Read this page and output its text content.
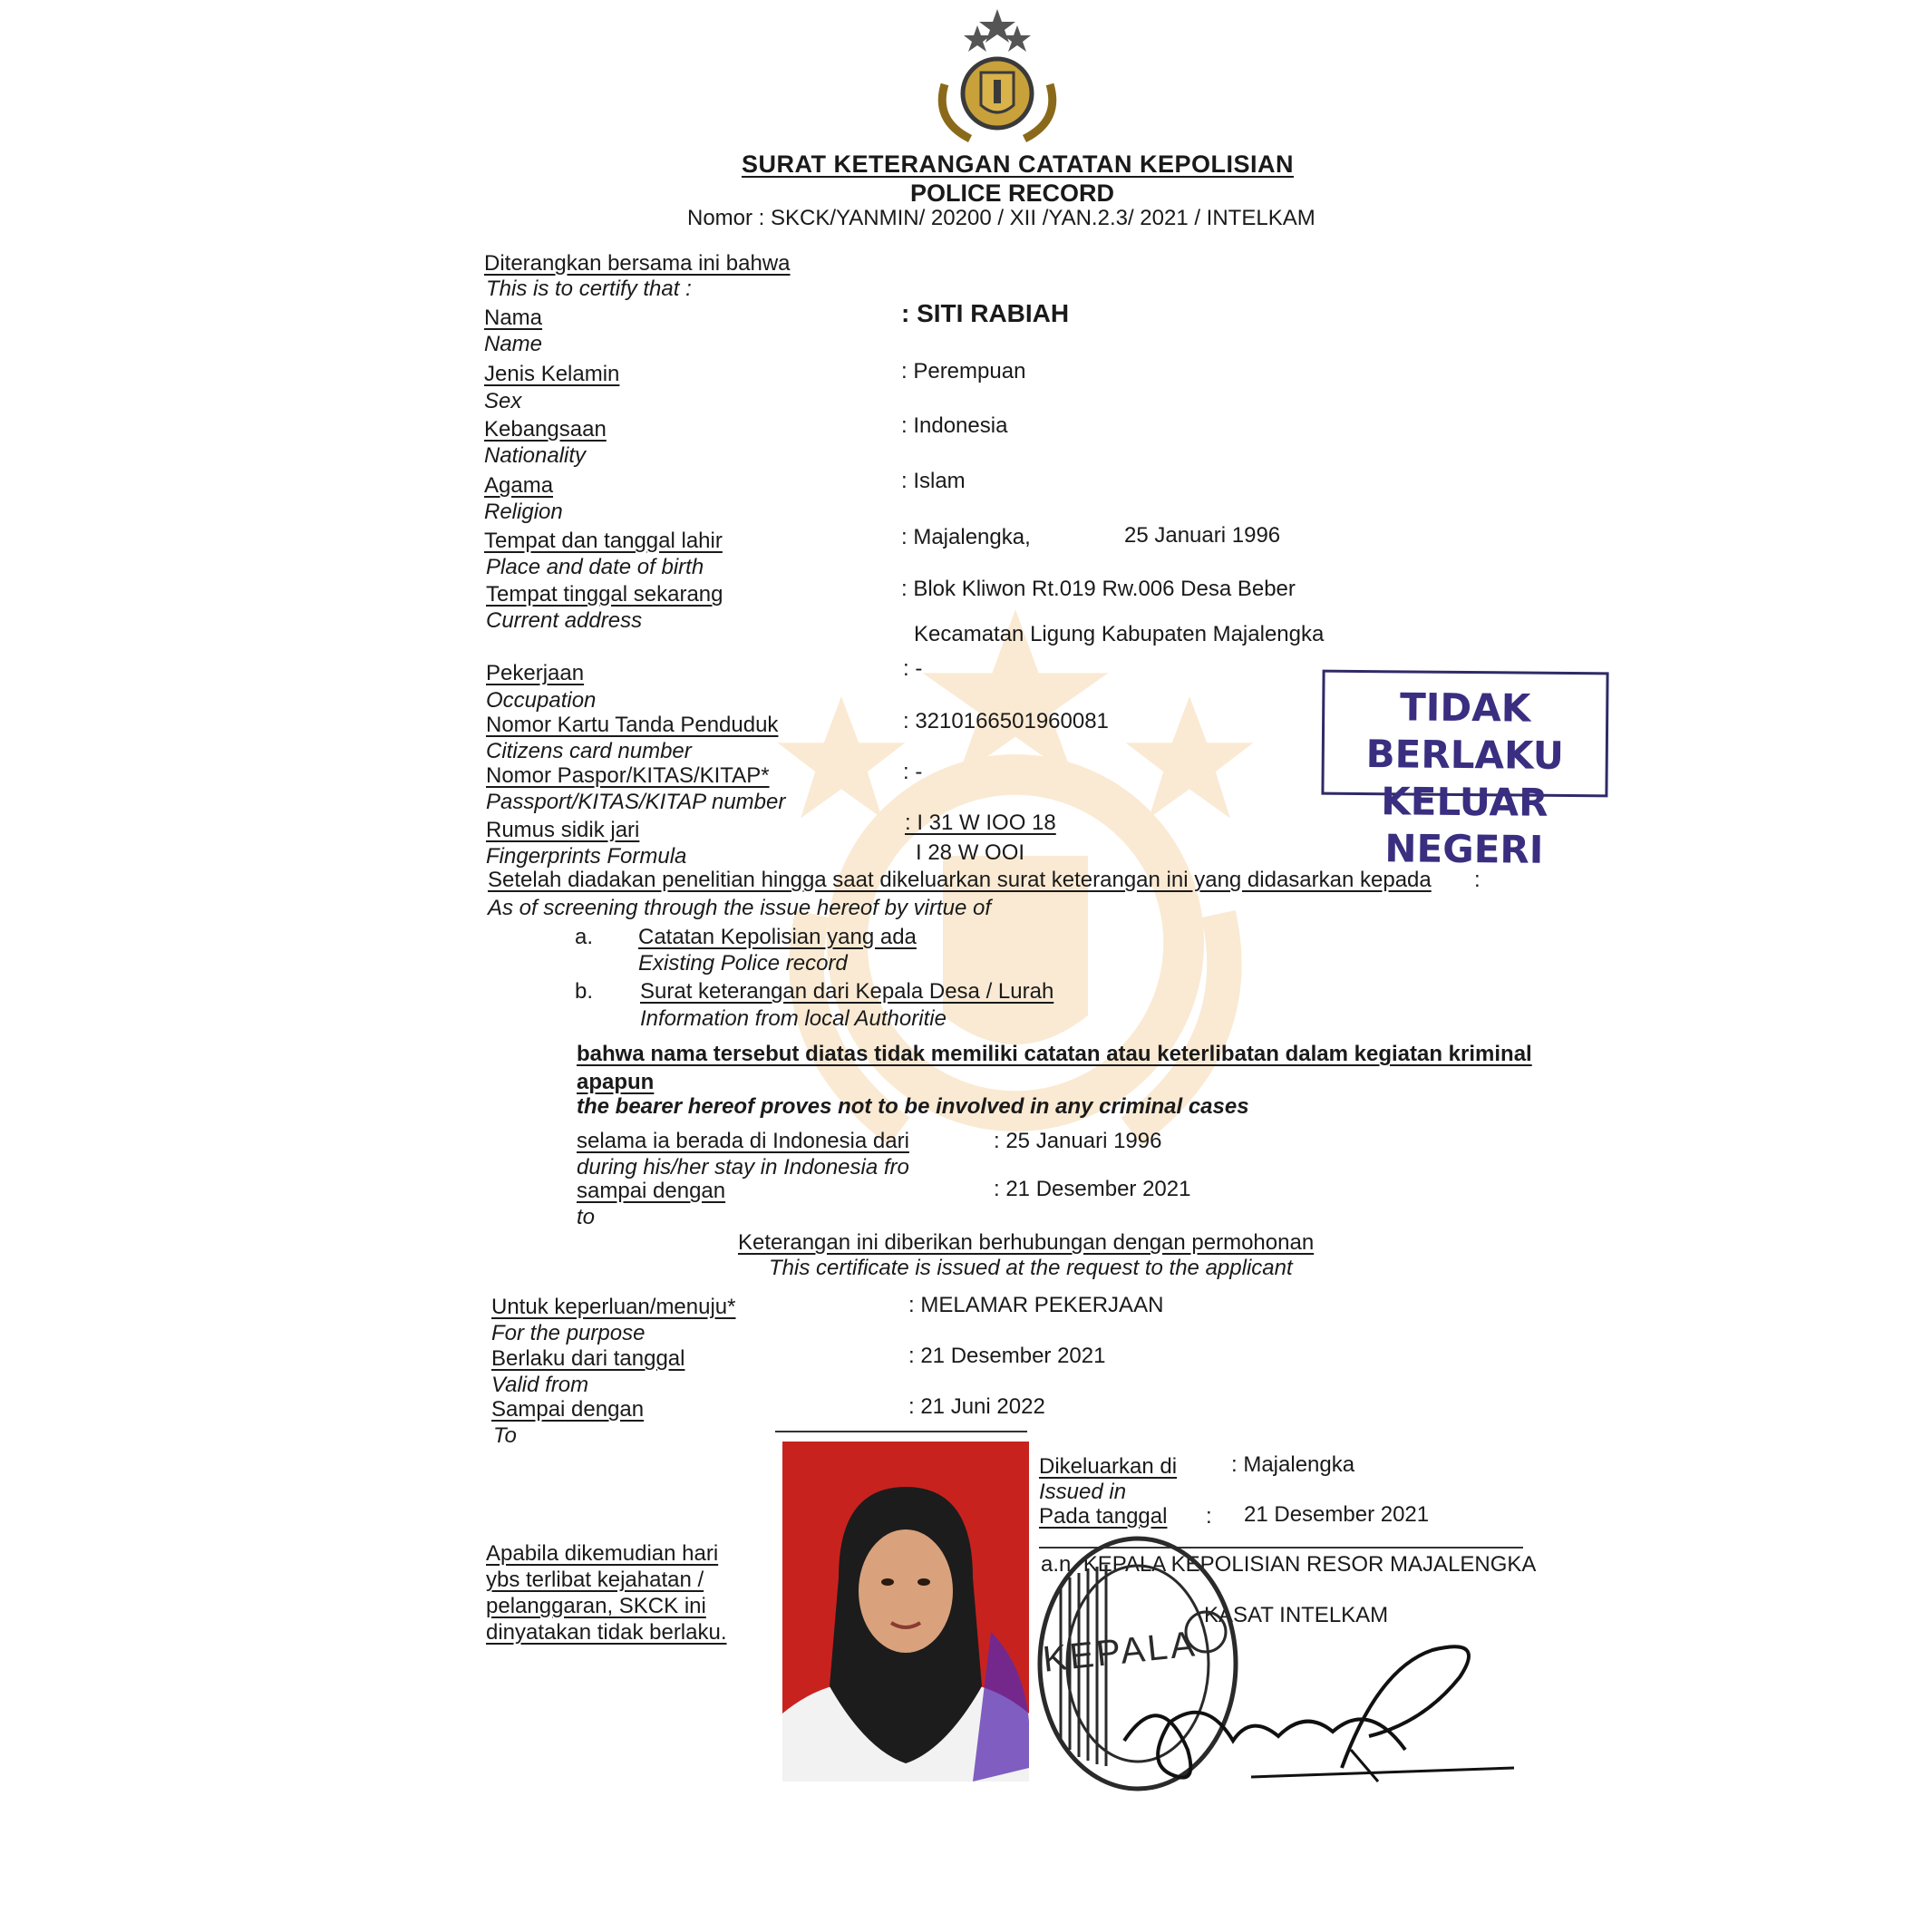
SURAT KETERANGAN CATATAN KEPOLISIAN
POLICE RECORD
Nomor : SKCK/YANMIN/ 20200 / XII /YAN.2.3/ 2021 / INTELKAM
Diterangkan bersama ini bahwa
This is to certify that :
Nama
Name
: SITI RABIAH
Jenis Kelamin
Sex
: Perempuan
Kebangsaan
Nationality
: Indonesia
Agama
Religion
: Islam
Tempat dan tanggal lahir
Place and date of birth
: Majalengka,	25 Januari 1996
Tempat tinggal sekarang
Current address
: Blok Kliwon Rt.019 Rw.006 Desa Beber
Kecamatan Ligung Kabupaten Majalengka
Pekerjaan
Occupation
: -
Nomor Kartu Tanda Penduduk
Citizens card number
: 3210166501960081	TIDAK BERLAKU
KELUAR NEGERI
Nomor Paspor/KITAS/KITAP*
Passport/KITAS/KITAP number
: -
Rumus sidik jari
Fingerprints Formula
: I 31 W IOO 18
I 28 W OOI
Setelah diadakan penelitian hingga saat dikeluarkan surat keterangan ini yang didasarkan kepada :
As of screening through the issue hereof by virtue of
a. Catatan Kepolisian yang ada
Existing Police record
b. Surat keterangan dari Kepala Desa / Lurah
Information from local Authoritie
bahwa nama tersebut diatas tidak memiliki catatan atau keterlibatan dalam kegiatan kriminal
apapun
the bearer hereof proves not to be involved in any criminal cases
selama ia berada di Indonesia dari
during his/her stay in Indonesia fro
: 25 Januari 1996
sampai dengan
to
: 21 Desember 2021
Keterangan ini diberikan berhubungan dengan permohonan
This certificate is issued at the request to the applicant
Untuk keperluan/menuju*
For the purpose
: MELAMAR PEKERJAAN
Berlaku dari tanggal
Valid from
: 21 Desember 2021
Sampai dengan
To
: 21 Juni 2022
Apabila dikemudian hari
ybs terlibat kejahatan /
pelanggaran, SKCK ini
dinyatakan tidak berlaku.
Dikeluarkan di
Issued in
: Majalengka
Pada tanggal : 21 Desember 2021
a.n. KEPALA KEPOLISIAN RESOR MAJALENGKA
KASAT INTELKAM
KEPALA
